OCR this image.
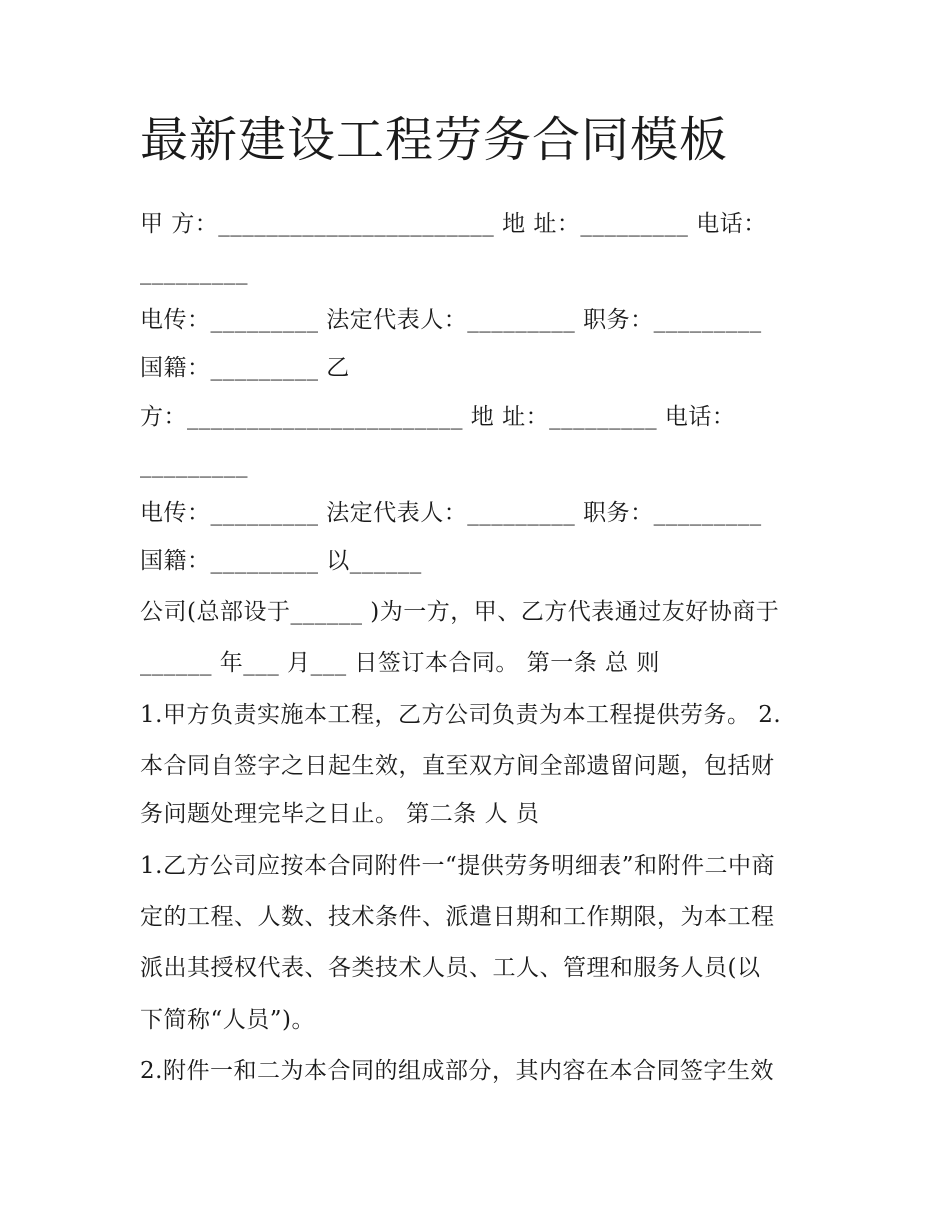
最新建设工程劳务合同模板

甲 方：_______________________ 地 址：_________ 电话：

_________

电传：_________ 法定代表人：_________ 职务：_________

国籍：_________ 乙

方：_______________________ 地 址：_________ 电话：

_________

电传：_________ 法定代表人：_________ 职务：_________

国籍：_________ 以______

公司(总部设于______ )为一方，甲、乙方代表通过友好协商于

______ 年___ 月___ 日签订本合同。 第一条 总 则

1.甲方负责实施本工程，乙方公司负责为本工程提供劳务。 2.

本合同自签字之日起生效，直至双方间全部遗留问题，包括财

务问题处理完毕之日止。 第二条 人 员

1.乙方公司应按本合同附件一“提供劳务明细表”和附件二中商

定的工程、人数、技术条件、派遣日期和工作期限，为本工程

派出其授权代表、各类技术人员、工人、管理和服务人员(以

下简称“人员”)。

2.附件一和二为本合同的组成部分，其内容在本合同签字生效
